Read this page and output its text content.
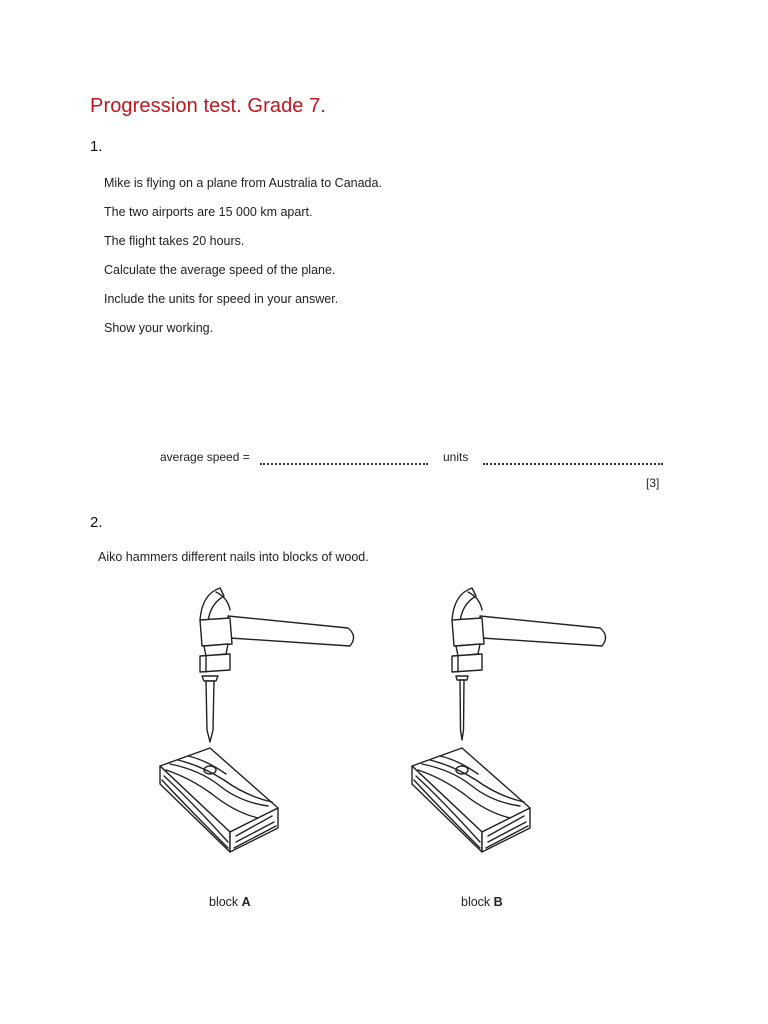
Progression test. Grade 7.
1.
Mike is flying on a plane from Australia to Canada.
The two airports are 15 000 km apart.
The flight takes 20 hours.
Calculate the average speed of the plane.
Include the units for speed in your answer.
Show your working.
average speed =	units
[3]
2.
Aiko hammers different nails into blocks of wood.
block A	block B
